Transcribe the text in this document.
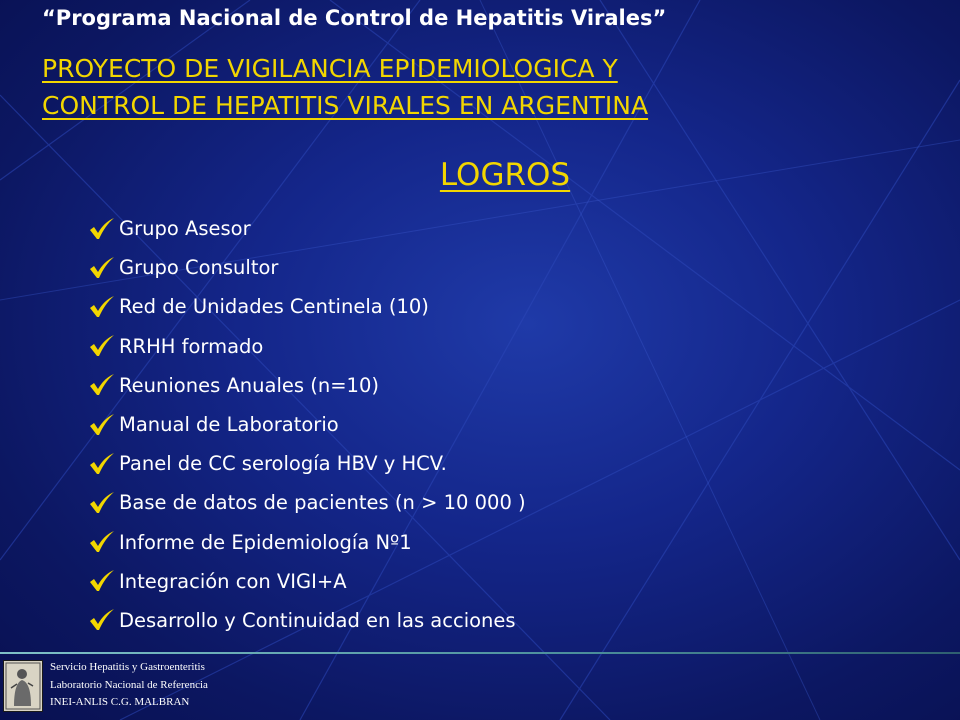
“Programa Nacional de Control de Hepatitis Virales”
PROYECTO DE VIGILANCIA EPIDEMIOLOGICA Y
CONTROL DE HEPATITIS VIRALES EN ARGENTINA
LOGROS
Grupo Asesor
Grupo Consultor
Red de Unidades Centinela (10)
RRHH formado
Reuniones Anuales (n=10)
Manual de Laboratorio
Panel de CC serología HBV y HCV.
Base de datos de pacientes (n > 10 000 )
Informe de Epidemiología Nº1
Integración con VIGI+A
Desarrollo y Continuidad en las acciones
Servicio Hepatitis y Gastroenteritis
Laboratorio Nacional de Referencia
INEI-ANLIS C.G. MALBRAN
